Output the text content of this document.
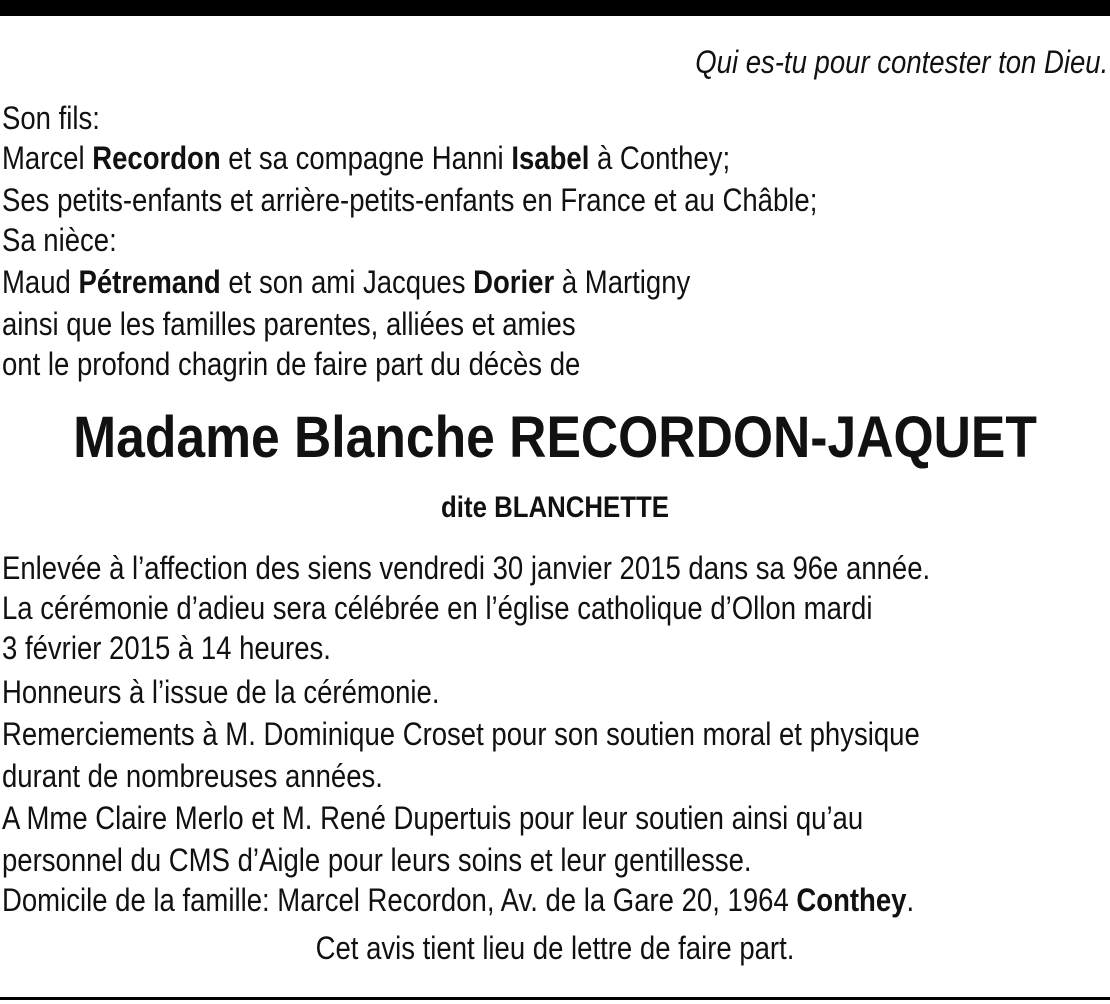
Qui es-tu pour contester ton Dieu.
Son fils:
Marcel Recordon et sa compagne Hanni Isabel à Conthey;
Ses petits-enfants et arrière-petits-enfants en France et au Châble;
Sa nièce:
Maud Pétremand et son ami Jacques Dorier à Martigny
ainsi que les familles parentes, alliées et amies
ont le profond chagrin de faire part du décès de
Madame Blanche RECORDON-JAQUET
dite BLANCHETTE
Enlevée à l’affection des siens vendredi 30 janvier 2015 dans sa 96e année.
La cérémonie d’adieu sera célébrée en l’église catholique d’Ollon mardi
3 février 2015 à 14 heures.
Honneurs à l’issue de la cérémonie.
Remerciements à M. Dominique Croset pour son soutien moral et physique
durant de nombreuses années.
A Mme Claire Merlo et M. René Dupertuis pour leur soutien ainsi qu’au
personnel du CMS d’Aigle pour leurs soins et leur gentillesse.
Domicile de la famille: Marcel Recordon, Av. de la Gare 20, 1964 Conthey.
Cet avis tient lieu de lettre de faire part.
